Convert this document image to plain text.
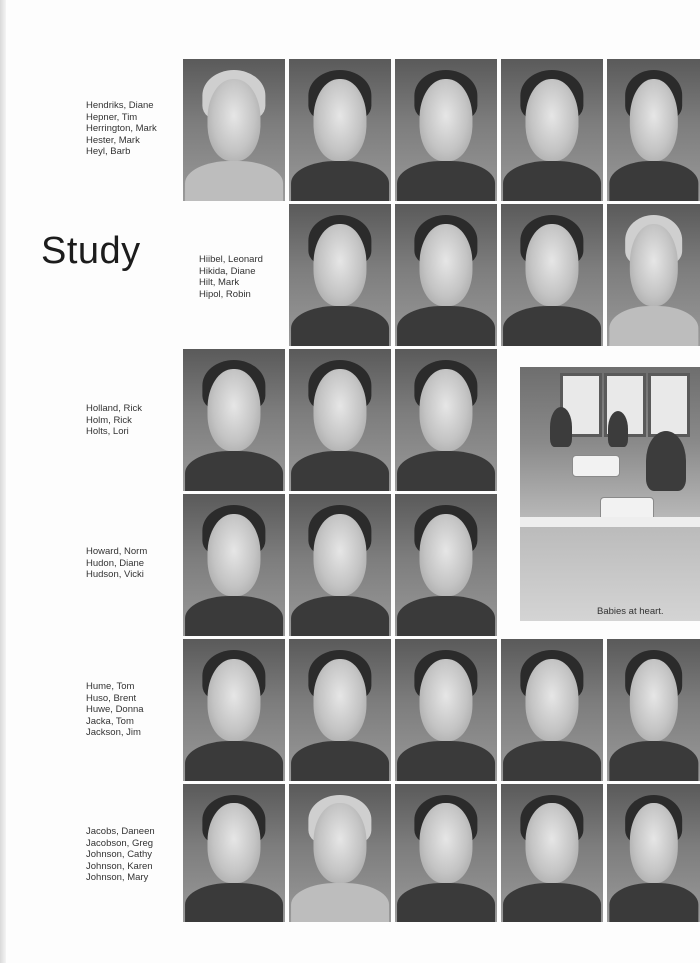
Hendriks, Diane
Hepner, Tim
Herrington, Mark
Hester, Mark
Heyl, Barb
Study	Hiibel, Leonard
Hikida, Diane
Hilt, Mark
Hipol, Robin
Holland, Rick
Holm, Rick
Holts, Lori
Howard, Norm
Hudon, Diane
Hudson, Vicki
Hume, Tom
Huso, Brent
Huwe, Donna
Jacka, Tom
Jackson, Jim
Jacobs, Daneen
Jacobson, Greg
Johnson, Cathy
Johnson, Karen
Johnson, Mary
Babies at heart.
